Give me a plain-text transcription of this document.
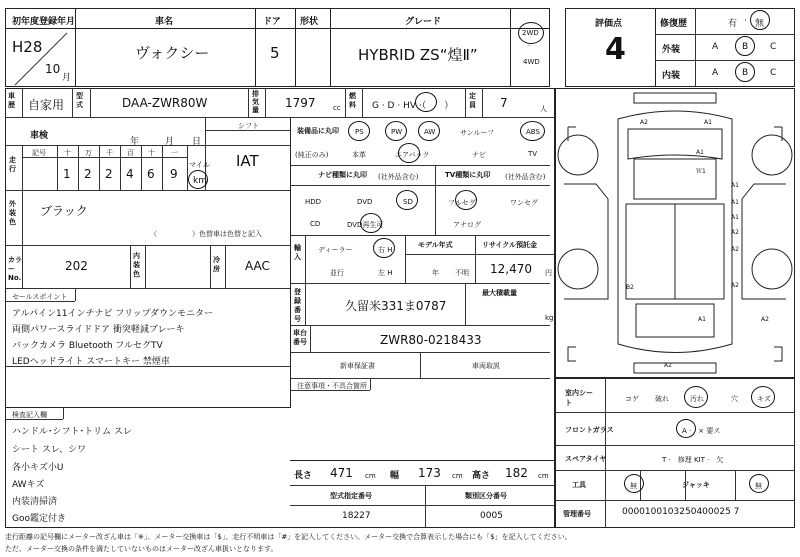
初年度登録年月
H28
10
月
車名
ヴォクシー
ドア
5
形状	グレード
HYBRID ZS“煌Ⅱ”
2WD
·
4WD
評価点
4
修復歴	有 · 無
外装	A	B C
内装	A	B C
車歴 自家用
型式	DAA-ZWR80W
排気量 1797 cc
燃料	G · D · HV ·（　　）
定員 7	人
車検
年	月 日
シフト
IAT
走行
記号	十 万 千 百 十 一
1 2 2 4 6 9
マイル
km
外装色
ブラック
（　　　　　）色替車は色替と記入
カラーNo.
202
内装色
冷房 AAC
セールスポイント
アルパイン11インチナビ フリップダウンモニター
両側パワースライドドア 衝突軽減ブレーキ
バックカメラ Bluetooth フルセグTV
LEDヘッドライト スマートキー 禁煙車
検査記入欄
ハンドル･シフト･トリム スレ
シート スレ、シワ
各小キズ小U
AWキズ
内装清掃済
Goo鑑定付き
装備品に丸印
(純正のみ)
PS	PW	AW	サンルーフ	ABS
本革	エアバック	ナビ	TV
ナビ種類に丸印 (社外品含む)
HDD	DVD	SD
CD	DVD再生可
TV種類に丸印 (社外品含む)
フルセグ	ワンセグ
アナログ
輸入
ディーラー
並行
右 H
左 H
モデル年式
年 不明
リサイクル預託金
12,470 円
登録番号
久留米331ま0787
最大積載量
kg
車台番号	ZWR80-0218433
新車保証書	車両取説
注意事項・不具合箇所
長さ 471 cm 幅 173 cm 高さ 182 cm
型式指定番号
18227
類別区分番号
0005
A2	A1
A1
Ｗ1
A1
A1
A1
A2
A2
B2	A2
A1
A2
A2
室内シート	コゲ 破れ	汚れ	穴	キズ
フロントガラス	A ·　× 要ス
スペアタイヤ	T ·　修理 KIT ·　欠
工具	無	ジャッキ	無
管理番号	0000100103250400025 7
走行距離の記号欄にメーター改ざん車は「※」、メーター交換車は「$」、走行不明車は「#」を記入してください。メーター交換で合算表示した場合にも「$」を記入してください。
ただ、メーター交換の条件を満たしていないものはメーター改ざん車扱いとなります。
